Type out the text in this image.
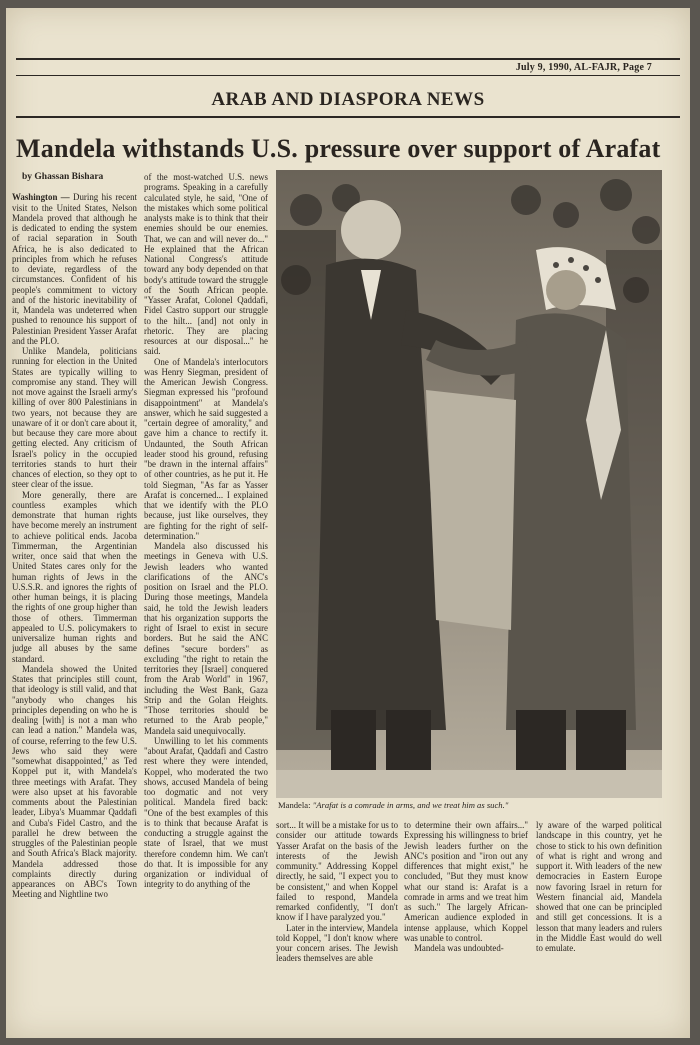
July 9, 1990, AL-FAJR, Page 7
ARAB AND DIASPORA NEWS
Mandela withstands U.S. pressure over support of Arafat
by Ghassan Bishara

Washington — During his recent visit to the United States, Nelson Mandela proved that although he is dedicated to ending the system of racial separation in South Africa, he is also dedicated to principles from which he refuses to deviate, regardless of the circumstances. Confident of his people's commitment to victory and of the historic inevitability of it, Mandela was undeterred when pushed to renounce his support of Palestinian President Yasser Arafat and the PLO.

Unlike Mandela, politicians running for election in the United States are typically willing to compromise any stand. They will not move against the Israeli army's killing of over 800 Palestinians in two years, not because they are unaware of it or don't care about it, but because they care more about getting elected. Any criticism of Israel's policy in the occupied territories stands to hurt their chances of election, so they opt to steer clear of the issue.

More generally, there are countless examples which demonstrate that human rights have become merely an instrument to achieve political ends. Jacoba Timmerman, the Argentinian writer, once said that when the United States cares only for the human rights of Jews in the U.S.S.R. and ignores the rights of other human beings, it is placing the rights of one group higher than those of others. Timmerman appealed to U.S. policymakers to universalize human rights and judge all abuses by the same standard.

Mandela showed the United States that principles still count, that ideology is still valid, and that "anybody who changes his principles depending on who he is dealing [with] is not a man who can lead a nation." Mandela was, of course, referring to the few U.S. Jews who said they were "somewhat disappointed," as Ted Koppel put it, with Mandela's three meetings with Arafat. They were also upset at his favorable comments about the Palestinian leader, Libya's Muammar Qaddafi and Cuba's Fidel Castro, and the parallel he drew between the struggles of the Palestinian people and South Africa's Black majority. Mandela addressed those complaints directly during appearances on ABC's Town Meeting and Nightline two

of the most-watched U.S. news programs. Speaking in a carefully calculated style, he said, "One of the mistakes which some political analysts make is to think that their enemies should be our enemies. That, we can and will never do..." He explained that the African National Congress's attitude toward any body depended on that body's attitude toward the struggle of the South African people. "Yasser Arafat, Colonel Qaddafi, Fidel Castro support our struggle to the hilt... [and] not only in rhetoric. They are placing resources at our disposal..." he said.

One of Mandela's interlocutors was Henry Siegman, president of the American Jewish Congress. Siegman expressed his "profound disappointment" at Mandela's answer, which he said suggested a "certain degree of amorality," and gave him a chance to rectify it. Undaunted, the South African leader stood his ground, refusing "be drawn in the internal affairs" of other countries, as he put it. He told Siegman, "As far as Yasser Arafat is concerned... I explained that we identify with the PLO because, just like ourselves, they are fighting for the right of self-determination."

Mandela also discussed his meetings in Geneva with U.S. Jewish leaders who wanted clarifications of the ANC's position on Israel and the PLO. During those meetings, Mandela said, he told the Jewish leaders that his organization supports the right of Israel to exist in secure borders. But he said the ANC defines "secure borders" as excluding "the right to retain the territories they [Israel] conquered from the Arab World" in 1967, including the West Bank, Gaza Strip and the Golan Heights. "Those territories should be returned to the Arab people," Mandela said unequivocally.

Unwilling to let his comments "about Arafat, Qaddafi and Castro rest where they were intended, Koppel, who moderated the two shows, accused Mandela of being too dogmatic and not very political. Mandela fired back: "One of the best examples of this is to think that because Arafat is conducting a struggle against the state of Israel, that we must therefore condemn him. We can't do that. It is impossible for any organization or individual of integrity to do anything of the

Mandela: "Arafat is a comrade in arms, and we treat him as such."

sort... It will be a mistake for us to consider our attitude towards Yasser Arafat on the basis of the interests of the Jewish community." Addressing Koppel directly, he said, "I expect you to be consistent," and when Koppel failed to respond, Mandela remarked confidently, "I don't know if I have paralyzed you."

Later in the interview, Mandela told Koppel, "I don't know where your concern arises. The Jewish leaders themselves are able

to determine their own affairs..." Expressing his willingness to brief Jewish leaders further on the ANC's position and "iron out any differences that might exist," he concluded, "But they must know what our stand is: Arafat is a comrade in arms and we treat him as such." The largely African-American audience exploded in intense applause, which Koppel was unable to control.

Mandela was undoubted-

ly aware of the warped political landscape in this country, yet he chose to stick to his own definition of what is right and wrong and support it. With leaders of the new democracies in Eastern Europe now favoring Israel in return for Western financial aid, Mandela showed that one can be principled and still get concessions. It is a lesson that many leaders and rulers in the Middle East would do well to emulate.
